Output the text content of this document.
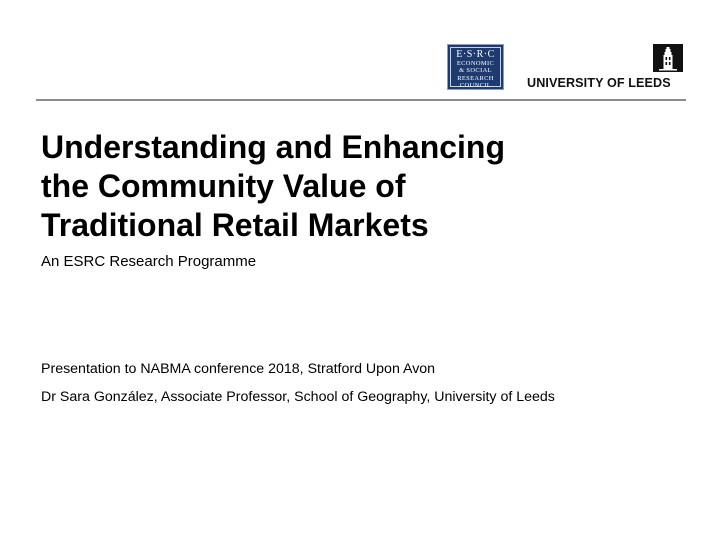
E·S·R·C
ECONOMIC
& SOCIAL
RESEARCH
COUNCIL	UNIVERSITY OF LEEDS
Understanding and Enhancing
the Community Value of
Traditional Retail Markets

An ESRC Research Programme

Presentation to NABMA conference 2018, Stratford Upon Avon

Dr Sara González, Associate Professor, School of Geography, University of Leeds
